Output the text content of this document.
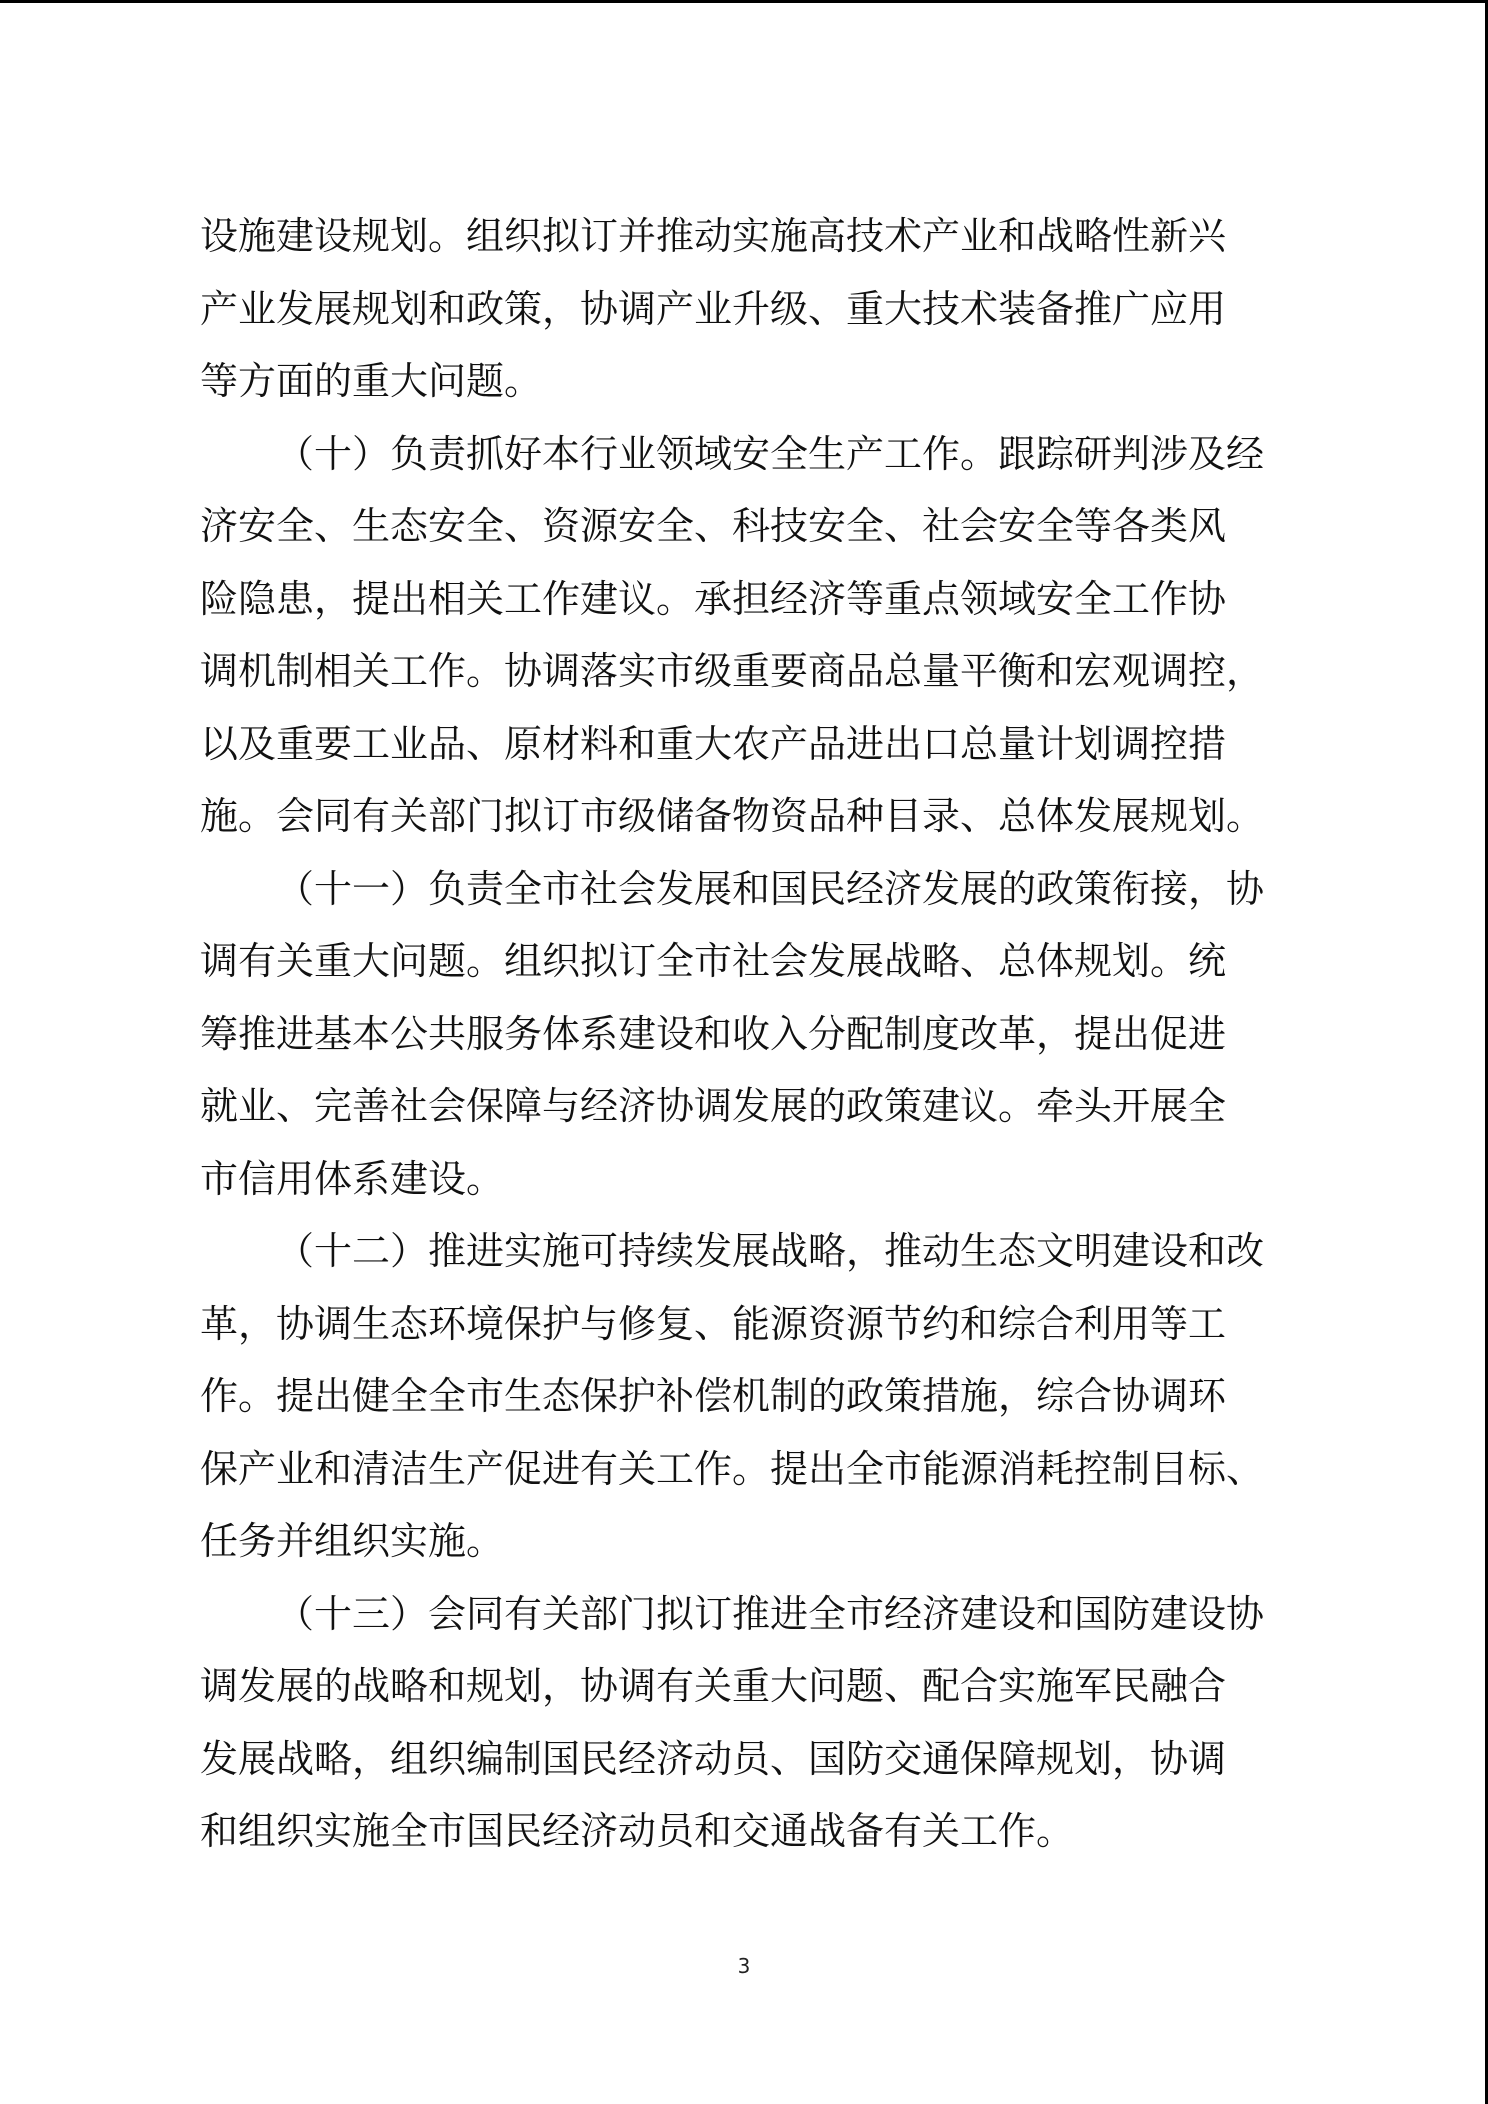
设施建设规划。组织拟订并推动实施高技术产业和战略性新兴
产业发展规划和政策，协调产业升级、重大技术装备推广应用
等方面的重大问题。
（十）负责抓好本行业领域安全生产工作。跟踪研判涉及经
济安全、生态安全、资源安全、科技安全、社会安全等各类风
险隐患，提出相关工作建议。承担经济等重点领域安全工作协
调机制相关工作。协调落实市级重要商品总量平衡和宏观调控，
以及重要工业品、原材料和重大农产品进出口总量计划调控措
施。会同有关部门拟订市级储备物资品种目录、总体发展规划。
（十一）负责全市社会发展和国民经济发展的政策衔接，协
调有关重大问题。组织拟订全市社会发展战略、总体规划。统
筹推进基本公共服务体系建设和收入分配制度改革，提出促进
就业、完善社会保障与经济协调发展的政策建议。牵头开展全
市信用体系建设。
（十二）推进实施可持续发展战略，推动生态文明建设和改
革，协调生态环境保护与修复、能源资源节约和综合利用等工
作。提出健全全市生态保护补偿机制的政策措施，综合协调环
保产业和清洁生产促进有关工作。提出全市能源消耗控制目标、
任务并组织实施。
（十三）会同有关部门拟订推进全市经济建设和国防建设协
调发展的战略和规划，协调有关重大问题、配合实施军民融合
发展战略，组织编制国民经济动员、国防交通保障规划，协调
和组织实施全市国民经济动员和交通战备有关工作。
3
